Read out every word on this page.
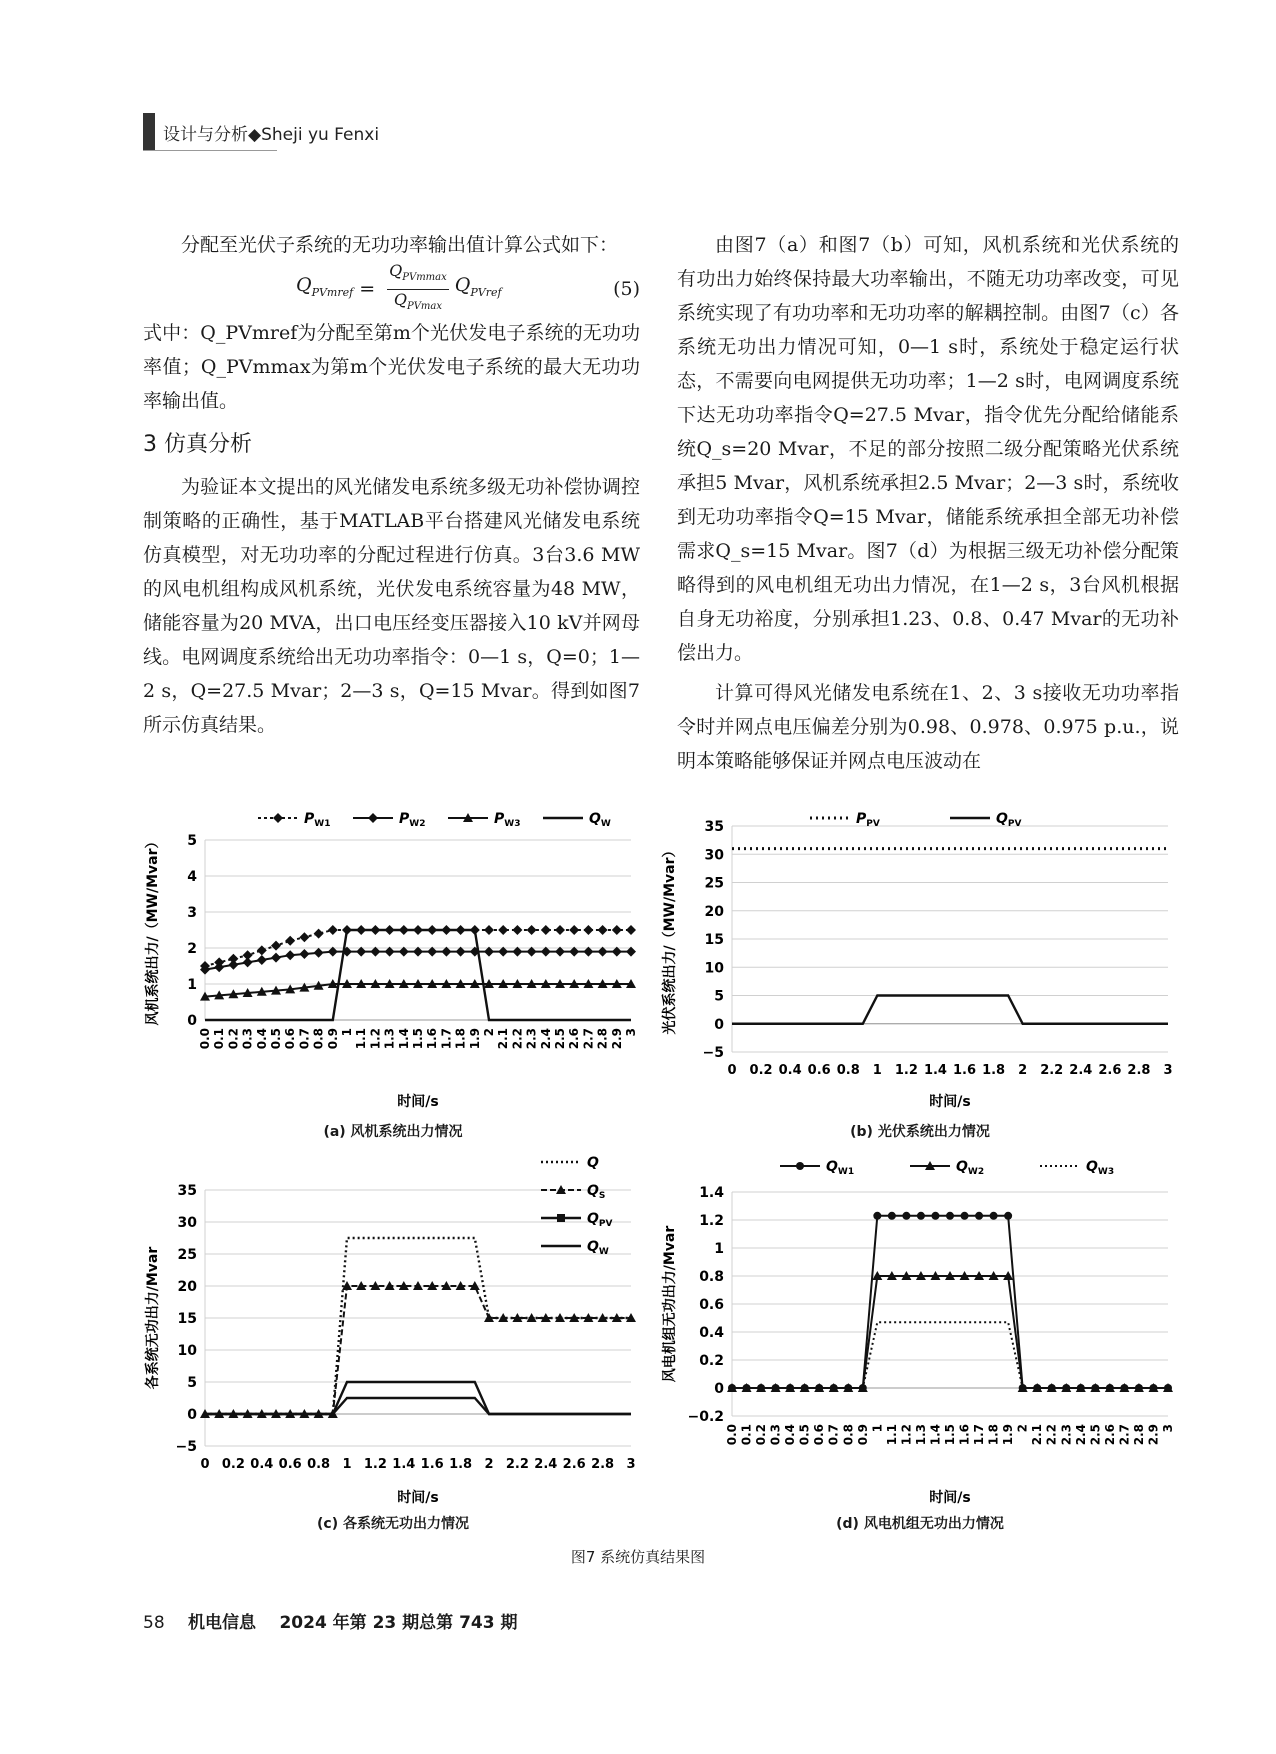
设计与分析◆Sheji yu Fenxi

分配至光伏子系统的无功功率输出值计算公式如下：

$Q_{PVmref} = \frac{Q_{PVmmax}}{Q_{PVmax}} Q_{PVref}$	(5)

式中：Q_PVmref为分配至第m个光伏发电子系统的无功功率值；Q_PVmmax为第m个光伏发电子系统的最大无功功率输出值。

3 仿真分析

为验证本文提出的风光储发电系统多级无功补偿协调控制策略的正确性，基于MATLAB平台搭建风光储发电系统仿真模型，对无功功率的分配过程进行仿真。3台3.6 MW的风电机组构成风机系统，光伏发电系统容量为48 MW，储能容量为20 MVA，出口电压经变压器接入10 kV并网母线。电网调度系统给出无功功率指令：0—1 s，Q=0；1—2 s，Q=27.5 Mvar；2—3 s，Q=15 Mvar。得到如图7所示仿真结果。

由图7（a）和图7（b）可知，风机系统和光伏系统的有功出力始终保持最大功率输出，不随无功功率改变，可见系统实现了有功功率和无功功率的解耦控制。由图7（c）各系统无功出力情况可知，0—1 s时，系统处于稳定运行状态，不需要向电网提供无功功率；1—2 s时，电网调度系统下达无功功率指令Q=27.5 Mvar，指令优先分配给储能系统Q_s=20 Mvar，不足的部分按照二级分配策略光伏系统承担5 Mvar，风机系统承担2.5 Mvar；2—3 s时，系统收到无功功率指令Q=15 Mvar，储能系统承担全部无功补偿需求Q_s=15 Mvar。图7（d）为根据三级无功补偿分配策略得到的风电机组无功出力情况，在1—2 s，3台风机根据自身无功裕度，分别承担1.23、0.8、0.47 Mvar的无功补偿出力。

计算可得风光储发电系统在1、2、3 s接收无功功率指令时并网点电压偏差分别为0.98、0.978、0.975 p.u.，说明本策略能够保证并网点电压波动在

0
1
2
3
4
5
0.0 0.1 0.2 0.3 0.4 0.5 0.6 0.7 0.8 0.9 1 1.1 1.2 1.3 1.4 1.5 1.6 1.7 1.8 1.9 2 2.1 2.2 2.3 2.4 2.5 2.6 2.7 2.8 2.9 3
时间/s
风机系统出力/（MW/Mvar）
$P_{W1}$	$P_{W2}$	$P_{W3}$	$Q_W$
(a) 风机系统出力情况
−5
0
5
10
15
20
25
30
35
0 0.2 0.4 0.6 0.8 1 1.2 1.4 1.6 1.8 2 2.2 2.4 2.6 2.8 3
时间/s
光伏系统出力/（MW/Mvar）
$P_{PV}$	$Q_{PV}$
(b) 光伏系统出力情况
−5
0
5
10
15
20
25
30
35
0 0.2 0.4 0.6 0.8 1 1.2 1.4 1.6 1.8 2 2.2 2.4 2.6 2.8 3
时间/s
各系统无功出力/Mvar
Q
$Q_S$
$Q_{PV}$
$Q_W$
(c) 各系统无功出力情况
−0.2
0
0.2
0.4
0.6
0.8
1
1.2
1.4
0.0 0.1 0.2 0.3 0.4 0.5 0.6 0.7 0.8 0.9 1 1.1 1.2 1.3 1.4 1.5 1.6 1.7 1.8 1.9 2 2.1 2.2 2.3 2.4 2.5 2.6 2.7 2.8 2.9 3
时间/s
风电机组无功出力/Mvar
$Q_{W1}$	$Q_{W2}$	$Q_{W3}$
(d) 风电机组无功出力情况
图7 系统仿真结果图
58 机电信息 2024 年第 23 期总第 743 期
